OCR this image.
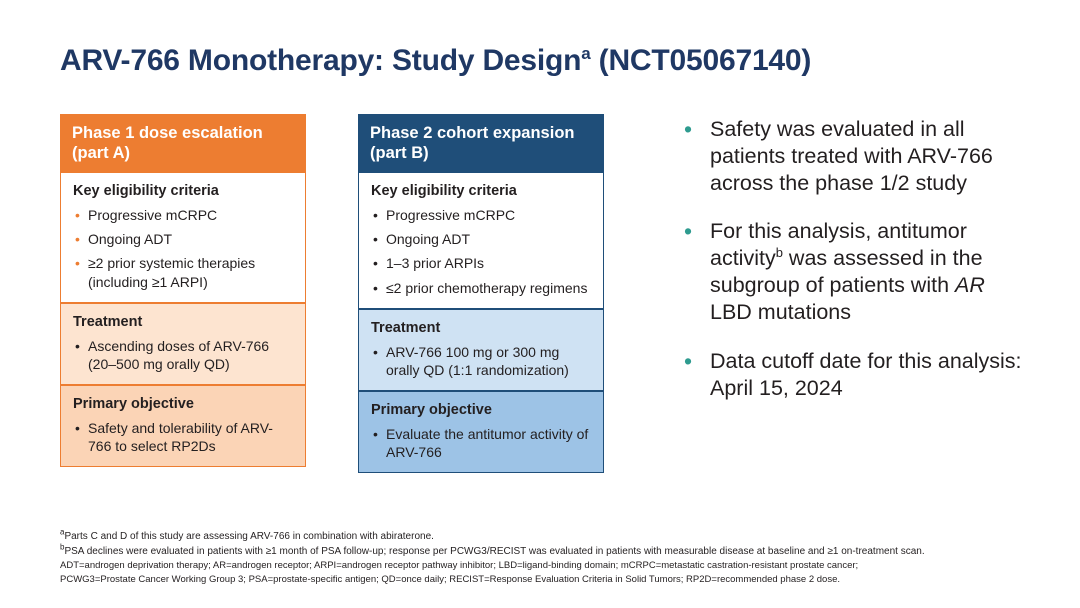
ARV-766 Monotherapy: Study Design$^a$ (NCT05067140)
Phase 1 dose escalation (part A)
Key eligibility criteria
• Progressive mCRPC
• Ongoing ADT
• ≥2 prior systemic therapies (including ≥1 ARPI)
Treatment
• Ascending doses of ARV-766 (20–500 mg orally QD)
Primary objective
• Safety and tolerability of ARV-766 to select RP2Ds
Phase 2 cohort expansion (part B)
Key eligibility criteria
• Progressive mCRPC
• Ongoing ADT
• 1–3 prior ARPIs
• ≤2 prior chemotherapy regimens
Treatment
• ARV-766 100 mg or 300 mg orally QD (1:1 randomization)
Primary objective
• Evaluate the antitumor activity of ARV-766
• Safety was evaluated in all patients treated with ARV-766 across the phase 1/2 study
• For this analysis, antitumor activity$^b$ was assessed in the subgroup of patients with AR LBD mutations
• Data cutoff date for this analysis: April 15, 2024
$^a$Parts C and D of this study are assessing ARV-766 in combination with abiraterone.
$^b$PSA declines were evaluated in patients with ≥1 month of PSA follow-up; response per PCWG3/RECIST was evaluated in patients with measurable disease at baseline and ≥1 on-treatment scan.
ADT=androgen deprivation therapy; AR=androgen receptor; ARPI=androgen receptor pathway inhibitor; LBD=ligand-binding domain; mCRPC=metastatic castration-resistant prostate cancer;
PCWG3=Prostate Cancer Working Group 3; PSA=prostate-specific antigen; QD=once daily; RECIST=Response Evaluation Criteria in Solid Tumors; RP2D=recommended phase 2 dose.
